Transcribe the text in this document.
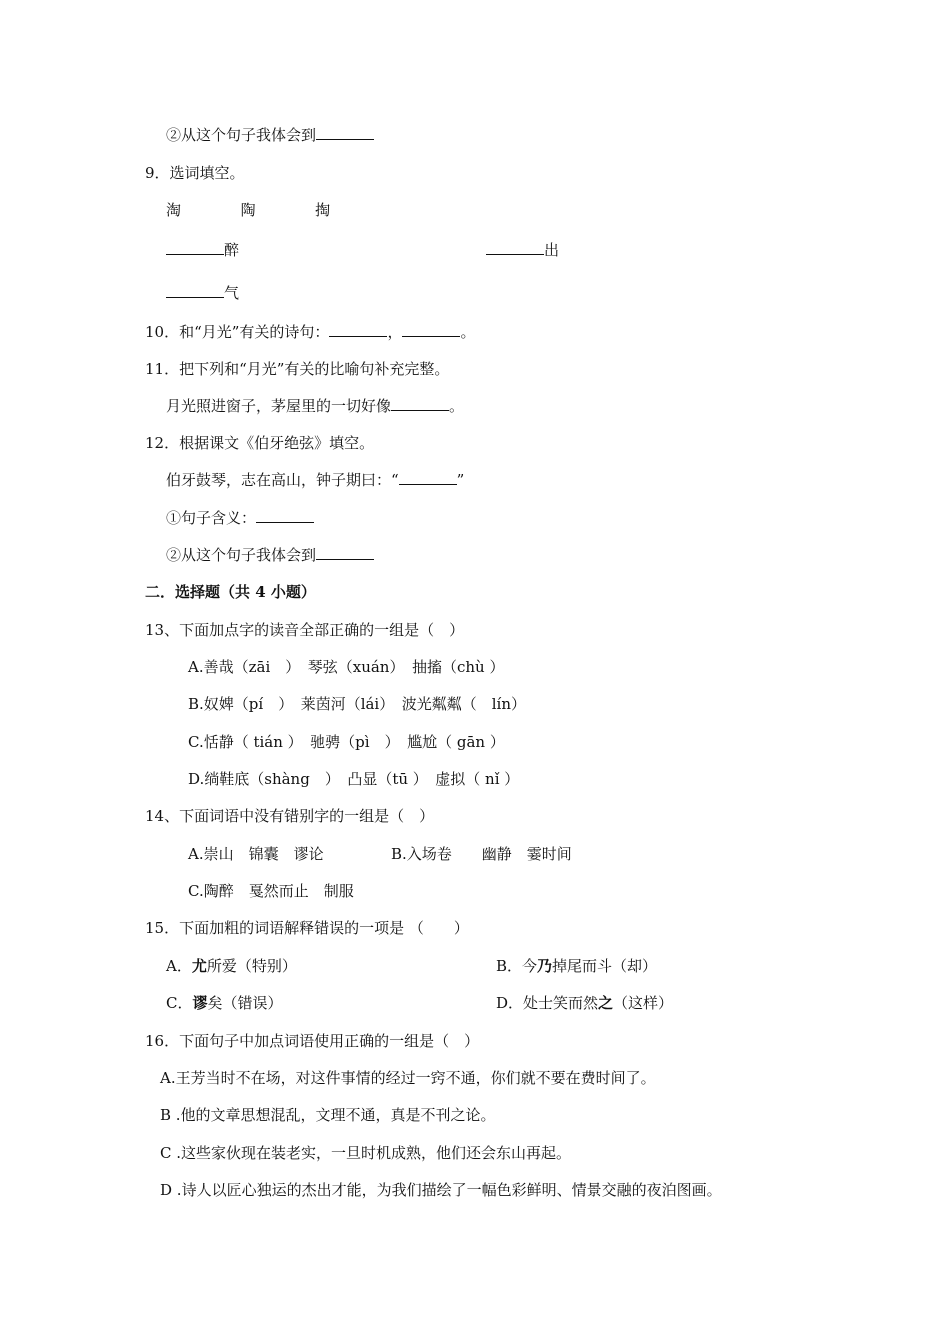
②从这个句子我体会到
9．选词填空。
淘	陶	掏
醉	出
气
10．和“月光”有关的诗句：	，	。
11．把下列和“月光”有关的比喻句补充完整。
月光照进窗子，茅屋里的一切好像	。
12．根据课文《伯牙绝弦》填空。
伯牙鼓琴，志在高山，钟子期曰：“	”
①句子含义：
②从这个句子我体会到
二．选择题（共 4 小题）
13、下面加点字的读音全部正确的一组是（　）
A.善哉（zāi　）　琴弦（xuán）　抽搐（chù ）
B.奴婢（pí　）　莱茵河（lái）　波光粼粼（　lín）
C.恬静（ tián ）　驰骋（pì　）　尴尬（ gān ）
D.绱鞋底（shàng　）　凸显（tū ）　虚拟（ nǐ ）
14、下面词语中没有错别字的一组是（　）
A.崇山　锦囊　谬论	B.入场卷　　幽静　霎时间
C.陶醉　戛然而止　制服
15．下面加粗的词语解释错误的一项是 （　　）
A．尤所爱（特别）	B．今乃掉尾而斗（却）
C．谬矣（错误）	D．处士笑而然之（这样）
16．下面句子中加点词语使用正确的一组是（　）
A.王芳当时不在场，对这件事情的经过一窍不通，你们就不要在费时间了。
B .他的文章思想混乱，文理不通，真是不刊之论。
C .这些家伙现在装老实，一旦时机成熟，他们还会东山再起。
D .诗人以匠心独运的杰出才能，为我们描绘了一幅色彩鲜明、情景交融的夜泊图画。
